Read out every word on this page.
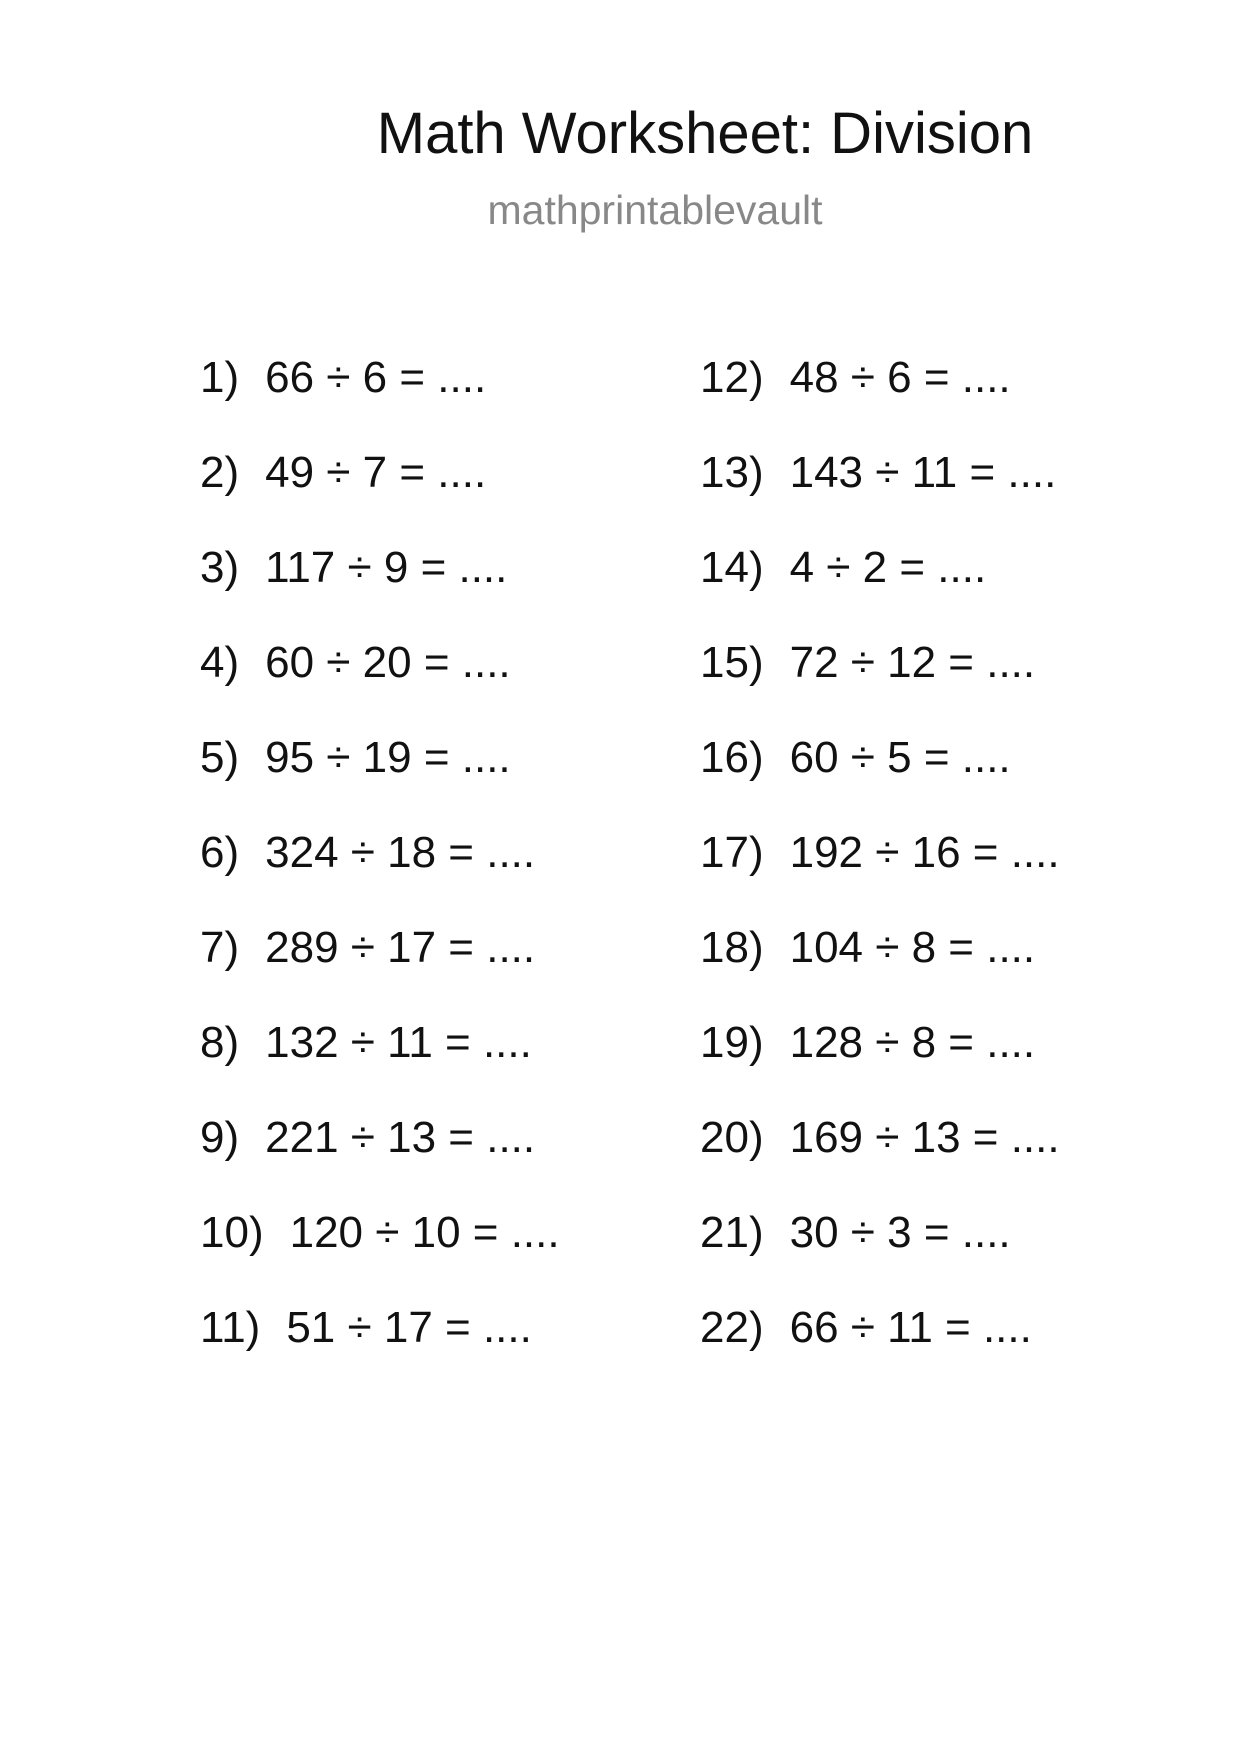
Math Worksheet: Division
mathprintablevault
1) 66 ÷ 6 = ....
2) 49 ÷ 7 = ....
3) 117 ÷ 9 = ....
4) 60 ÷ 20 = ....
5) 95 ÷ 19 = ....
6) 324 ÷ 18 = ....
7) 289 ÷ 17 = ....
8) 132 ÷ 11 = ....
9) 221 ÷ 13 = ....
10) 120 ÷ 10 = ....
11) 51 ÷ 17 = ....
12) 48 ÷ 6 = ....
13) 143 ÷ 11 = ....
14) 4 ÷ 2 = ....
15) 72 ÷ 12 = ....
16) 60 ÷ 5 = ....
17) 192 ÷ 16 = ....
18) 104 ÷ 8 = ....
19) 128 ÷ 8 = ....
20) 169 ÷ 13 = ....
21) 30 ÷ 3 = ....
22) 66 ÷ 11 = ....
